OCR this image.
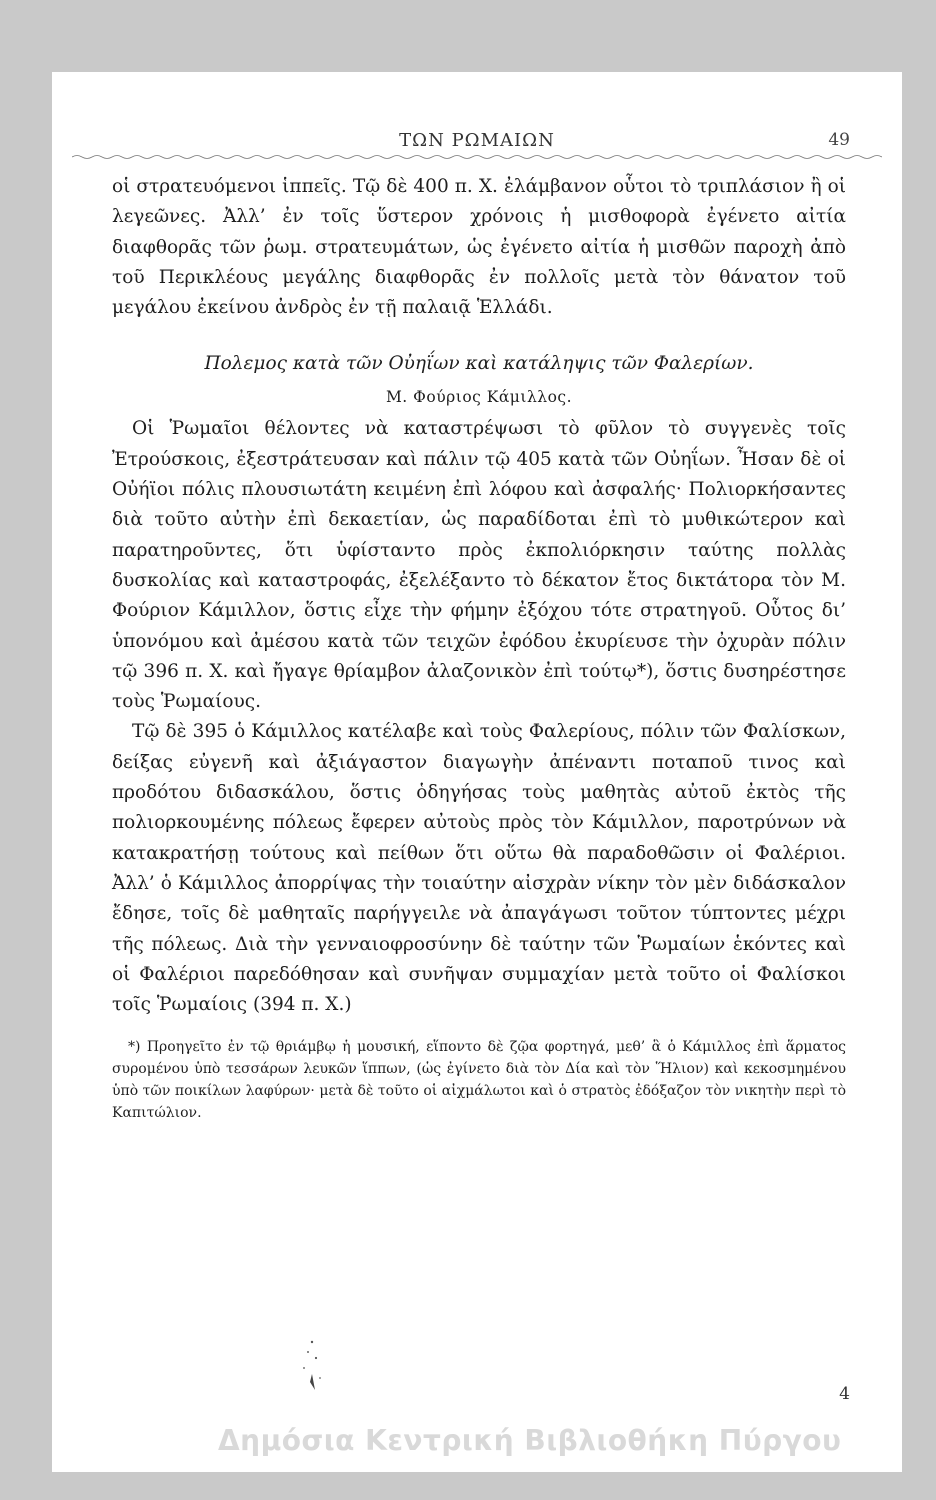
ΤΩΝ ΡΩΜΑΙΩΝ	49

οἱ στρατευόμενοι ἱππεῖς. Τῷ δὲ 400 π. Χ. ἐλάμβανον οὗτοι τὸ τριπλάσιον ἢ οἱ λεγεῶνες. Ἀλλ’ ἐν τοῖς ὕστερον χρόνοις ἡ μισθοφορὰ ἐγένετο αἰτία διαφθορᾶς τῶν ῥωμ. στρατευμάτων, ὡς ἐγένετο αἰτία ἡ μισθῶν παροχὴ ἀπὸ τοῦ Περικλέους μεγάλης διαφθορᾶς ἐν πολλοῖς μετὰ τὸν θάνατον τοῦ μεγάλου ἐκείνου ἀνδρὸς ἐν τῇ παλαιᾷ Ἑλλάδι.

Πολεμος κατὰ τῶν Οὐηΐων καὶ κατάληψις τῶν Φαλερίων.

Μ. Φούριος Κάμιλλος.

Οἱ Ῥωμαῖοι θέλοντες νὰ καταστρέψωσι τὸ φῦλον τὸ συγγενὲς τοῖς Ἐτρούσκοις, ἐξεστράτευσαν καὶ πάλιν τῷ 405 κατὰ τῶν Οὐηΐων. Ἦσαν δὲ οἱ Οὐήϊοι πόλις πλουσιωτάτη κειμένη ἐπὶ λόφου καὶ ἀσφαλής· Πολιορκήσαντες διὰ τοῦτο αὐτὴν ἐπὶ δεκαετίαν, ὡς παραδίδοται ἐπὶ τὸ μυθικώτερον καὶ παρατηροῦντες, ὅτι ὑφίσταντο πρὸς ἐκπολιόρκησιν ταύτης πολλὰς δυσκολίας καὶ καταστροφάς, ἐξελέξαντο τὸ δέκατον ἔτος δικτάτορα τὸν Μ. Φούριον Κάμιλλον, ὅστις εἶχε τὴν φήμην ἐξόχου τότε στρατηγοῦ. Οὗτος δι’ ὑπονόμου καὶ ἀμέσου κατὰ τῶν τειχῶν ἐφόδου ἐκυρίευσε τὴν ὀχυρὰν πόλιν τῷ 396 π. Χ. καὶ ἤγαγε θρίαμβον ἀλαζονικὸν ἐπὶ τούτῳ*), ὅστις δυσηρέστησε τοὺς Ῥωμαίους.

Τῷ δὲ 395 ὁ Κάμιλλος κατέλαβε καὶ τοὺς Φαλερίους, πόλιν τῶν Φαλίσκων, δείξας εὐγενῆ καὶ ἀξιάγαστον διαγωγὴν ἀπέναντι ποταποῦ τινος καὶ προδότου διδασκάλου, ὅστις ὁδηγήσας τοὺς μαθητὰς αὐτοῦ ἐκτὸς τῆς πολιορκουμένης πόλεως ἔφερεν αὐτοὺς πρὸς τὸν Κάμιλλον, παροτρύνων νὰ κατακρατήσῃ τούτους καὶ πείθων ὅτι οὕτω θὰ παραδοθῶσιν οἱ Φαλέριοι. Ἀλλ’ ὁ Κάμιλλος ἀπορρίψας τὴν τοιαύτην αἰσχρὰν νίκην τὸν μὲν διδάσκαλον ἔδησε, τοῖς δὲ μαθηταῖς παρήγγειλε νὰ ἀπαγάγωσι τοῦτον τύπτοντες μέχρι τῆς πόλεως. Διὰ τὴν γενναιοφροσύνην δὲ ταύτην τῶν Ῥωμαίων ἑκόντες καὶ οἱ Φαλέριοι παρεδόθησαν καὶ συνῆψαν συμμαχίαν μετὰ τοῦτο οἱ Φαλίσκοι τοῖς Ῥωμαίοις (394 π. Χ.)

*) Προηγεῖτο ἐν τῷ θριάμβῳ ἡ μουσική, εἵποντο δὲ ζῷα φορτηγά, μεθ’ ἃ ὁ Κάμιλλος ἐπὶ ἅρματος συρομένου ὑπὸ τεσσάρων λευκῶν ἵππων, (ὡς ἐγίνετο διὰ τὸν Δία καὶ τὸν Ἥλιον) καὶ κεκοσμημένου ὑπὸ τῶν ποικίλων λαφύρων· μετὰ δὲ τοῦτο οἱ αἰχμάλωτοι καὶ ὁ στρατὸς ἐδόξαζον τὸν νικητὴν περὶ τὸ Καπιτώλιον.

4
Δημόσια Κεντρική Βιβλιοθήκη Πύργου
